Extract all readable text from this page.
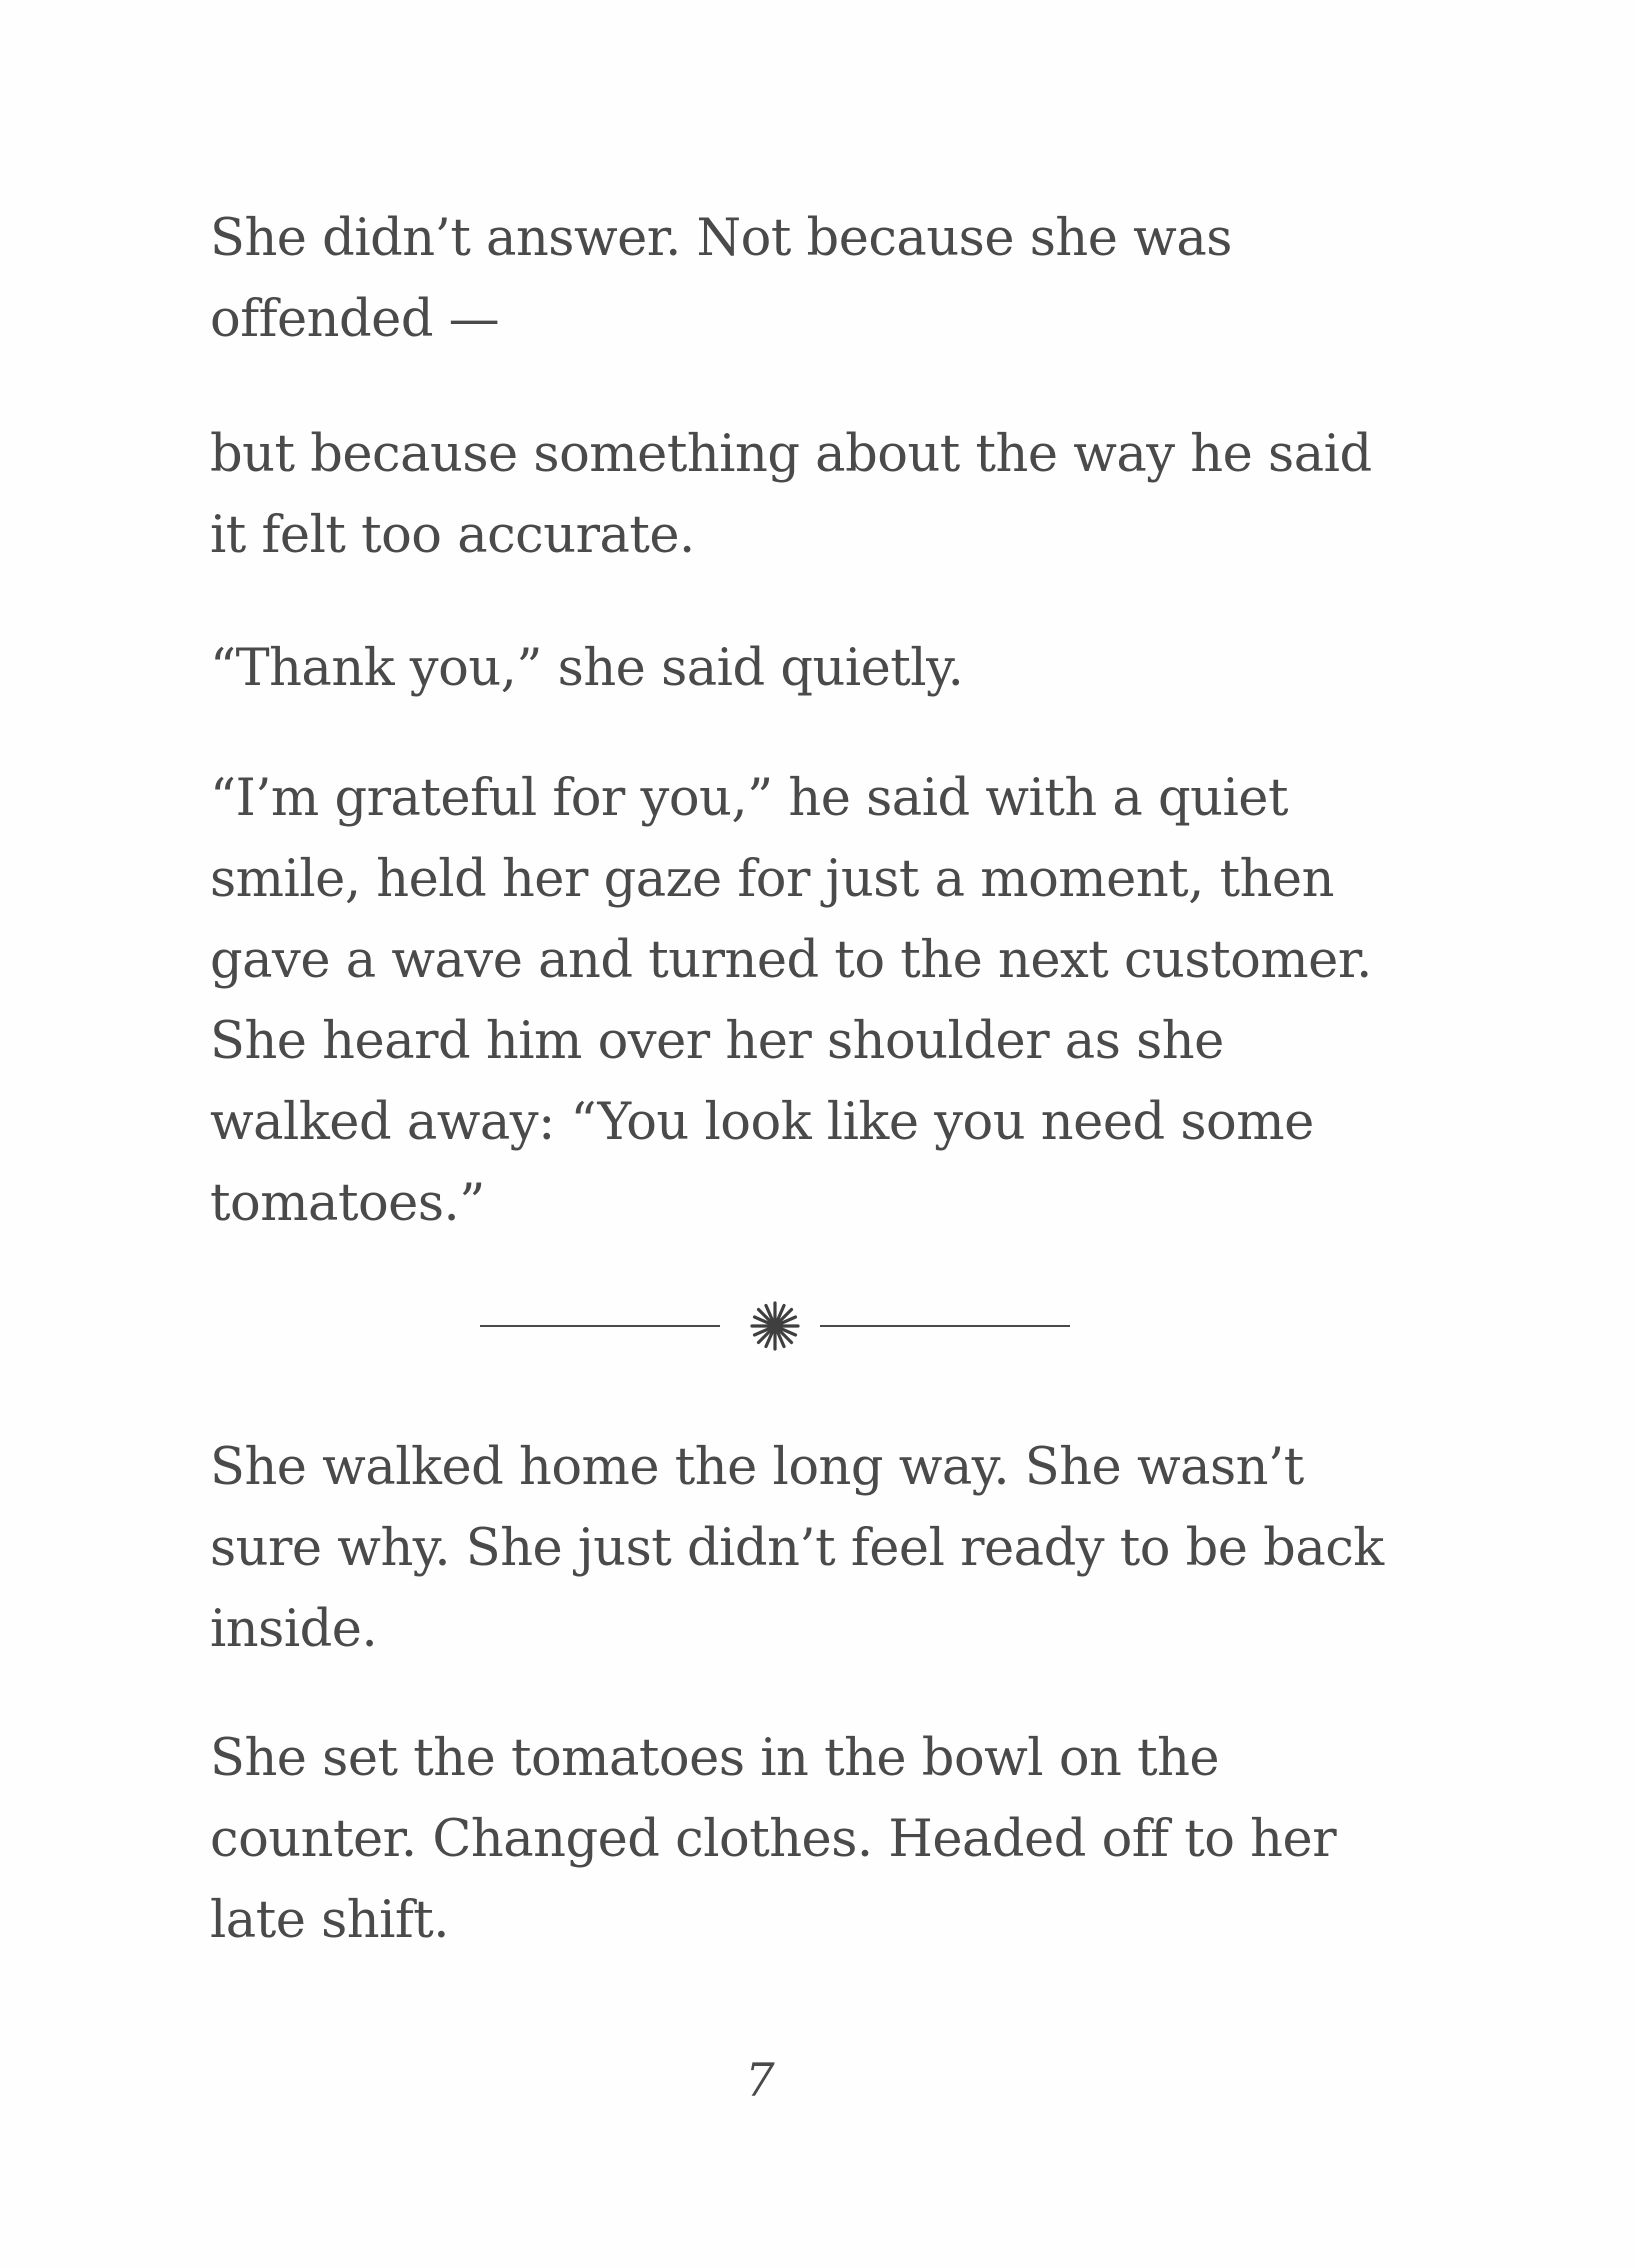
She didn’t answer. Not because she was
offended —

but because something about the way he said
it felt too accurate.

“Thank you,” she said quietly.

“I’m grateful for you,” he said with a quiet
smile, held her gaze for just a moment, then
gave a wave and turned to the next customer.
She heard him over her shoulder as she
walked away: “You look like you need some
tomatoes.”

She walked home the long way. She wasn’t
sure why. She just didn’t feel ready to be back
inside.

She set the tomatoes in the bowl on the
counter. Changed clothes. Headed off to her
late shift.

7
